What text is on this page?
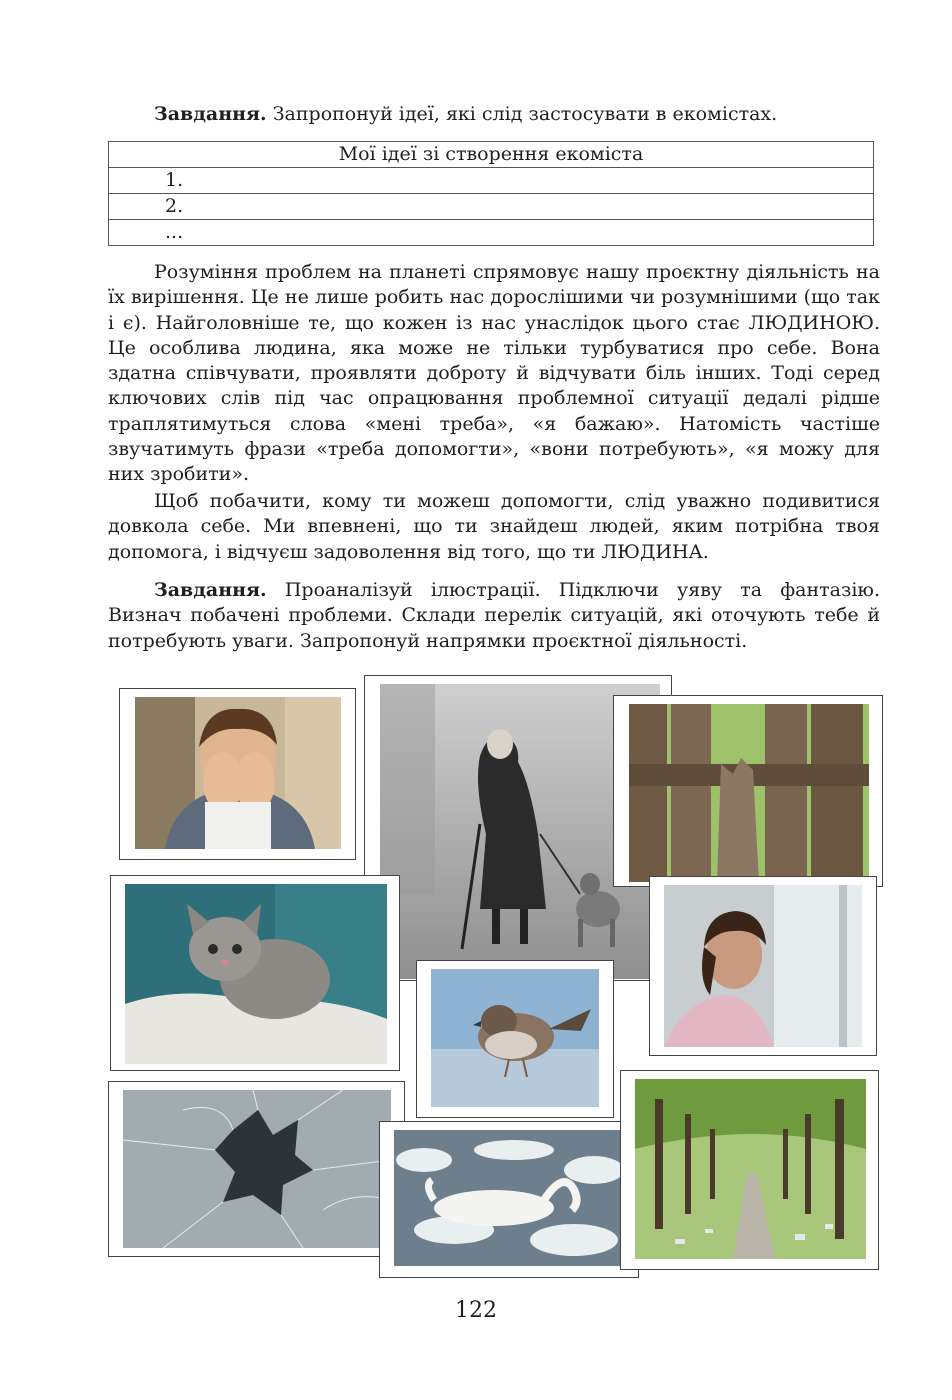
Завдання. Запропонуй ідеї, які слід застосувати в екомістах.
Мої ідеї зі створення екоміста
1.
2.
...

Розуміння проблем на планеті спрямовує нашу проєктну діяльність на їх вирішення. Це не лише робить нас дорослішими чи розумнішими (що так і є). Найголовніше те, що кожен із нас унаслідок цього стає ЛЮДИНОЮ. Це особлива людина, яка може не тільки турбуватися про себе. Вона здатна співчувати, проявляти доброту й відчувати біль інших. Тоді серед ключових слів під час опрацювання проблемної ситуації дедалі рідше траплятимуться слова «мені треба», «я бажаю». Натомість частіше звучатимуть фрази «треба допомогти», «вони потребують», «я можу для них зробити».

Щоб побачити, кому ти можеш допомогти, слід уважно подивитися довкола себе. Ми впевнені, що ти знайдеш людей, яким потрібна твоя допомога, і відчуєш задоволення від того, що ти ЛЮДИНА.

Завдання. Проаналізуй ілюстрації. Підключи уяву та фантазію. Визнач побачені проблеми. Склади перелік ситуацій, які оточують тебе й потребують уваги. Запропонуй напрямки проєктної діяльності.
122
